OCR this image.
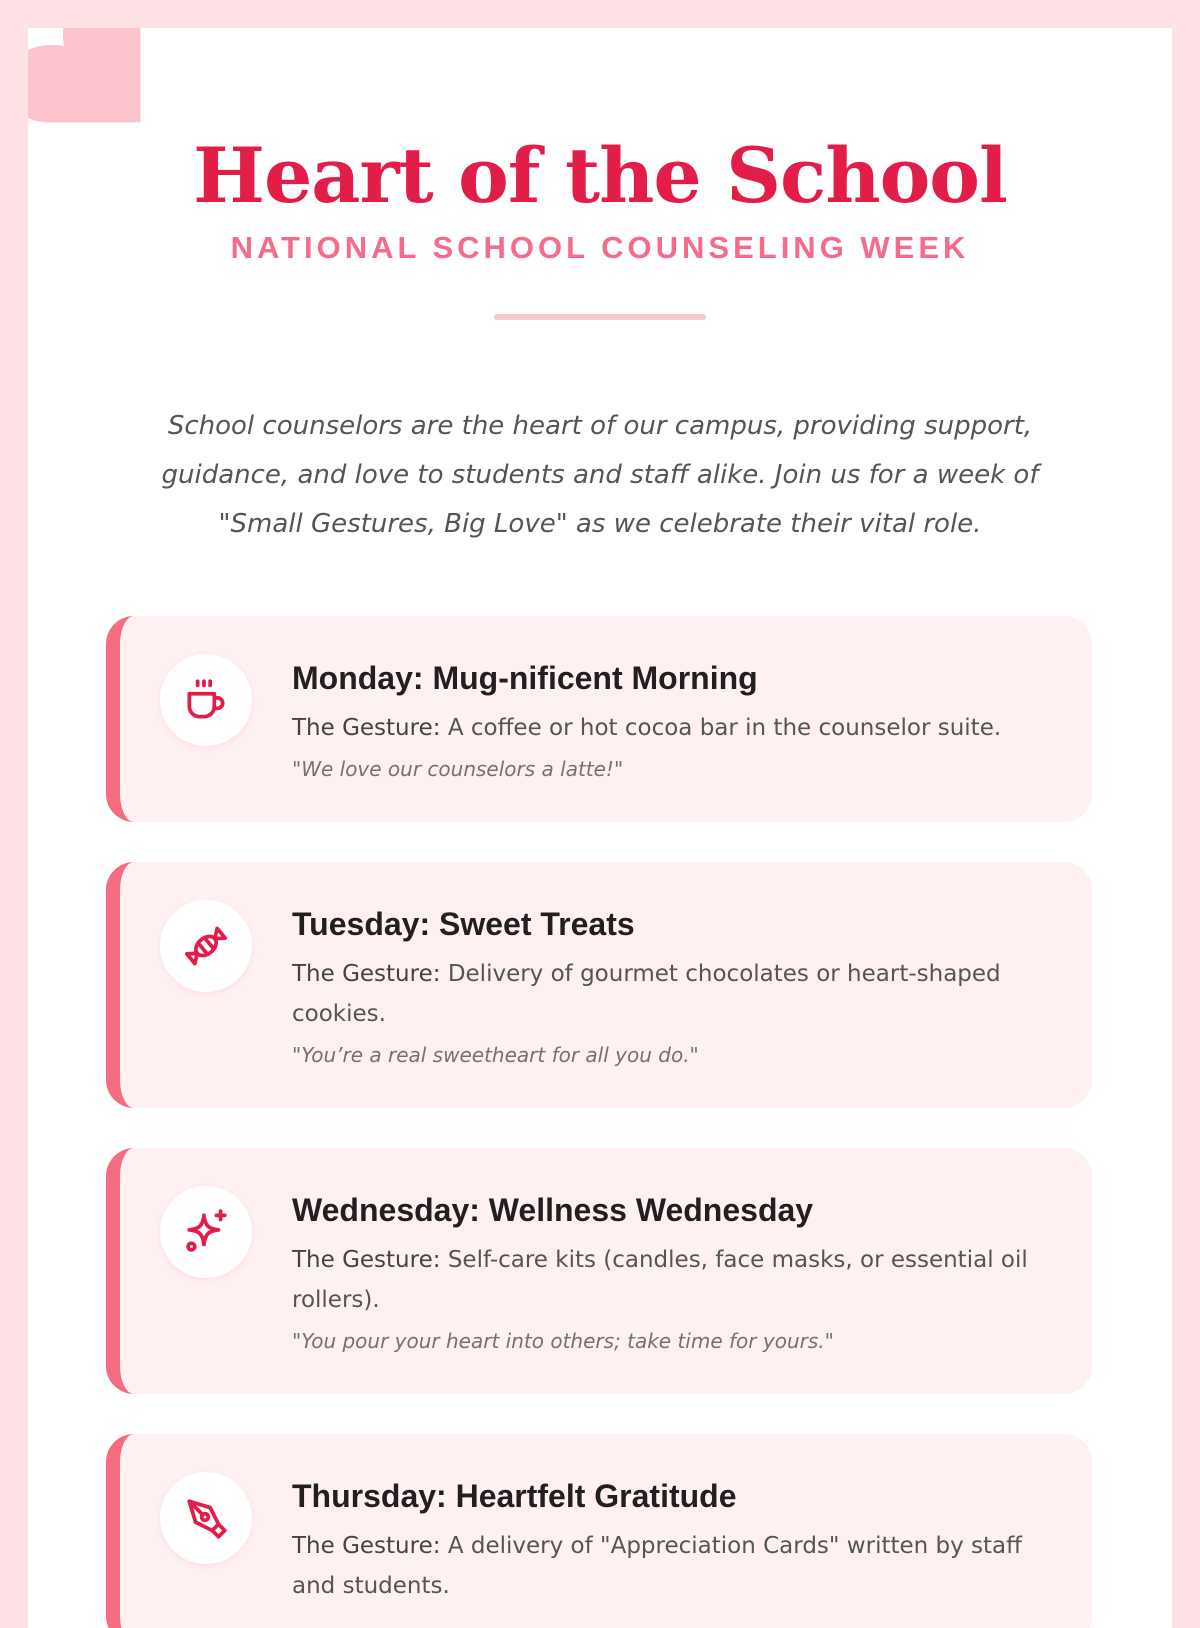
Heart of the School
NATIONAL SCHOOL COUNSELING WEEK

School counselors are the heart of our campus, providing support, guidance, and love to students and staff alike. Join us for a week of "Small Gestures, Big Love" as we celebrate their vital role.

Monday: Mug-nificent Morning
The Gesture: A coffee or hot cocoa bar in the counselor suite.
"We love our counselors a latte!"
Tuesday: Sweet Treats
The Gesture: Delivery of gourmet chocolates or heart-shaped cookies.
"You’re a real sweetheart for all you do."
Wednesday: Wellness Wednesday
The Gesture: Self-care kits (candles, face masks, or essential oil rollers).
"You pour your heart into others; take time for yours."
Thursday: Heartfelt Gratitude
The Gesture: A delivery of "Appreciation Cards" written by staff and students.
